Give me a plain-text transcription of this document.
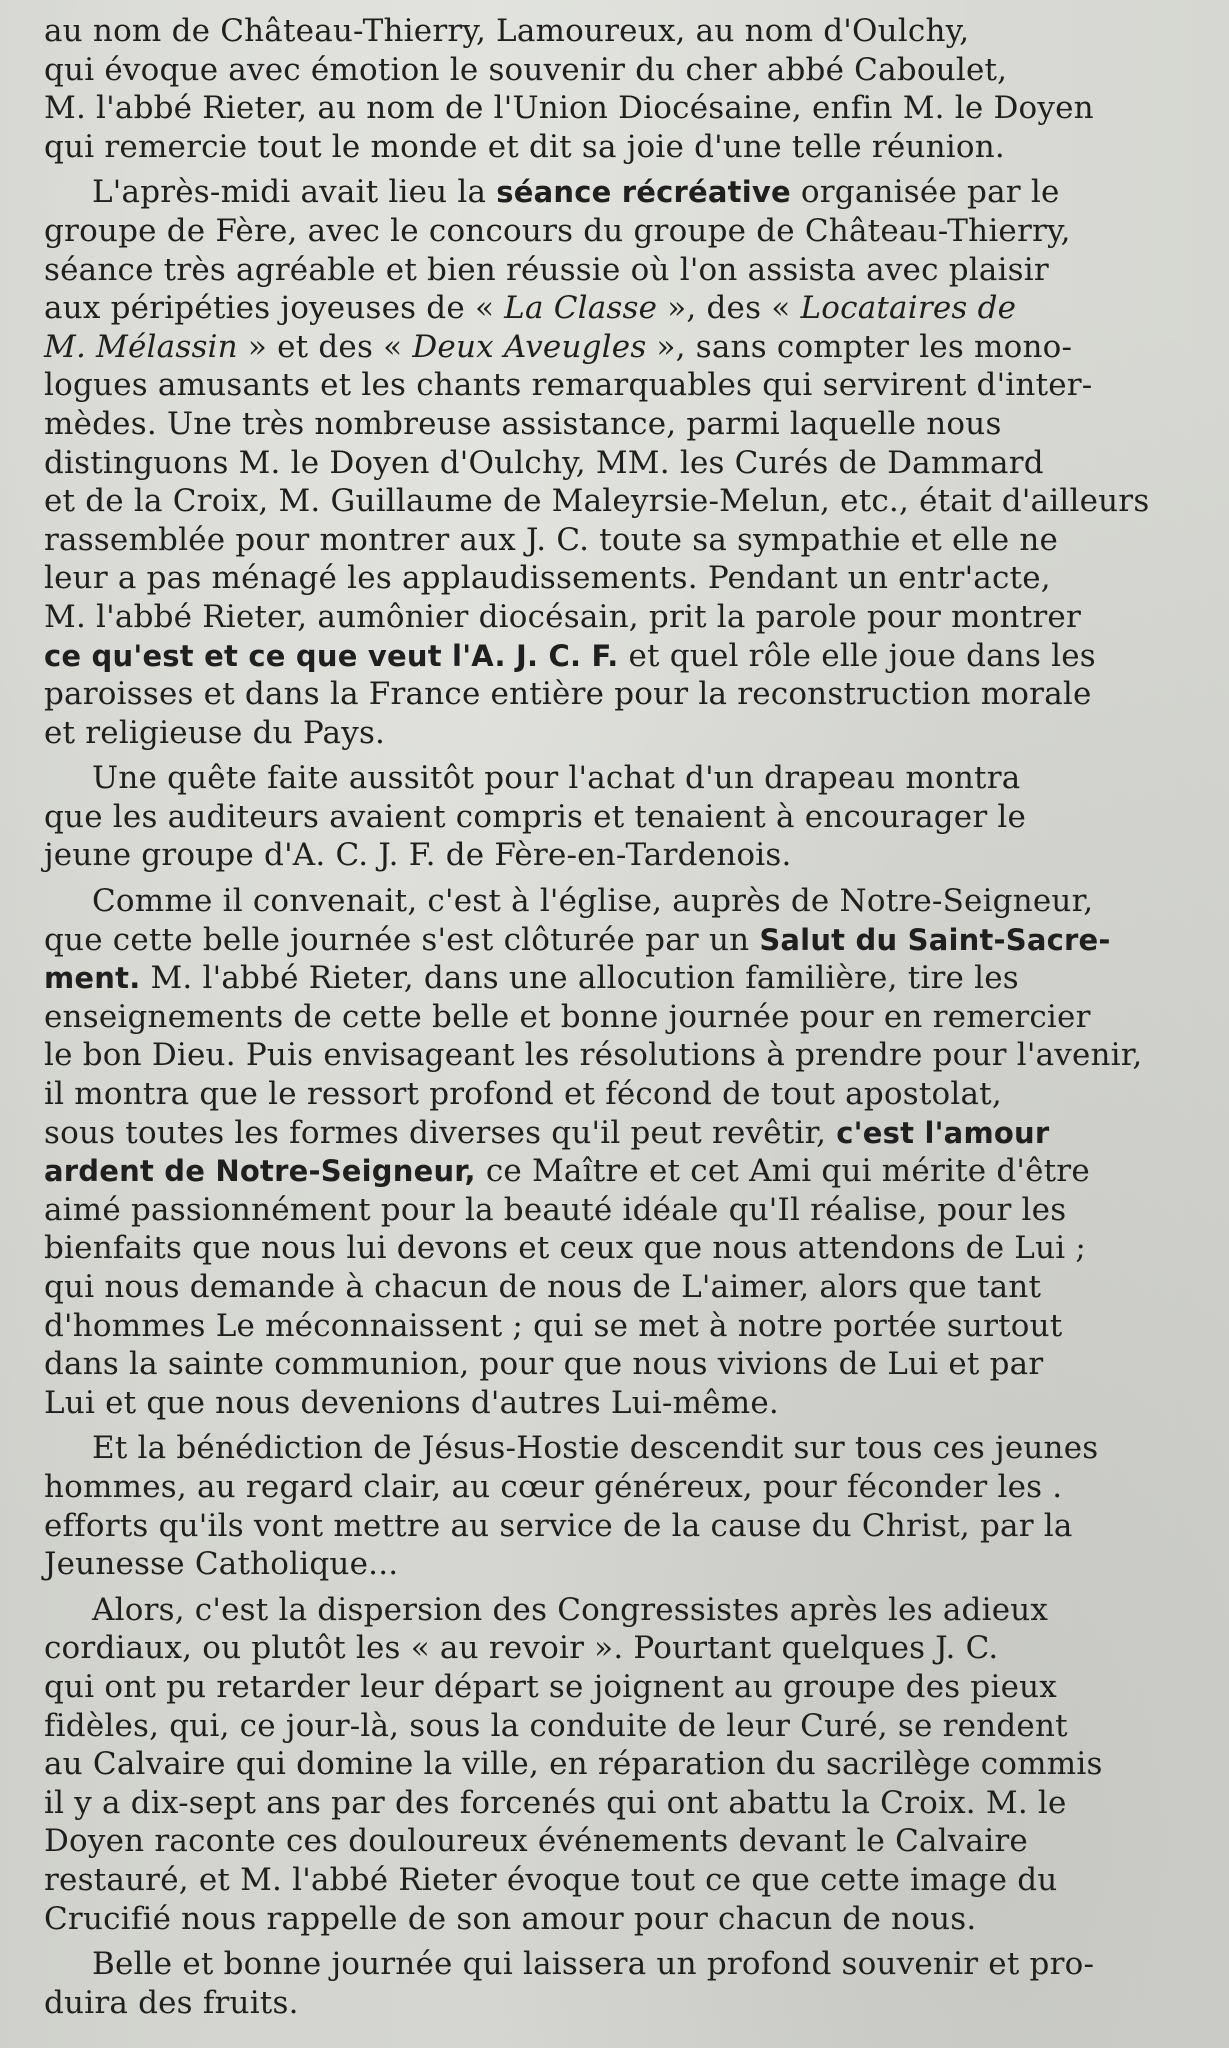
au nom de Château-Thierry, Lamoureux, au nom d'Oulchy,
qui évoque avec émotion le souvenir du cher abbé Caboulet,
M. l'abbé Rieter, au nom de l'Union Diocésaine, enfin M. le Doyen
qui remercie tout le monde et dit sa joie d'une telle réunion.

L'après-midi avait lieu la séance récréative organisée par le
groupe de Fère, avec le concours du groupe de Château-Thierry,
séance très agréable et bien réussie où l'on assista avec plaisir
aux péripéties joyeuses de « La Classe », des « Locataires de
M. Mélassin » et des « Deux Aveugles », sans compter les mono-
logues amusants et les chants remarquables qui servirent d'inter-
mèdes. Une très nombreuse assistance, parmi laquelle nous
distinguons M. le Doyen d'Oulchy, MM. les Curés de Dammard
et de la Croix, M. Guillaume de Maleyrsie-Melun, etc., était d'ailleurs
rassemblée pour montrer aux J. C. toute sa sympathie et elle ne
leur a pas ménagé les applaudissements. Pendant un entr'acte,
M. l'abbé Rieter, aumônier diocésain, prit la parole pour montrer
ce qu'est et ce que veut l'A. J. C. F. et quel rôle elle joue dans les
paroisses et dans la France entière pour la reconstruction morale
et religieuse du Pays.

Une quête faite aussitôt pour l'achat d'un drapeau montra
que les auditeurs avaient compris et tenaient à encourager le
jeune groupe d'A. C. J. F. de Fère-en-Tardenois.

Comme il convenait, c'est à l'église, auprès de Notre-Seigneur,
que cette belle journée s'est clôturée par un Salut du Saint-Sacre-
ment. M. l'abbé Rieter, dans une allocution familière, tire les
enseignements de cette belle et bonne journée pour en remercier
le bon Dieu. Puis envisageant les résolutions à prendre pour l'avenir,
il montra que le ressort profond et fécond de tout apostolat,
sous toutes les formes diverses qu'il peut revêtir, c'est l'amour
ardent de Notre-Seigneur, ce Maître et cet Ami qui mérite d'être
aimé passionnément pour la beauté idéale qu'Il réalise, pour les
bienfaits que nous lui devons et ceux que nous attendons de Lui ;
qui nous demande à chacun de nous de L'aimer, alors que tant
d'hommes Le méconnaissent ; qui se met à notre portée surtout
dans la sainte communion, pour que nous vivions de Lui et par
Lui et que nous devenions d'autres Lui-même.

Et la bénédiction de Jésus-Hostie descendit sur tous ces jeunes
hommes, au regard clair, au cœur généreux, pour féconder les .
efforts qu'ils vont mettre au service de la cause du Christ, par la
Jeunesse Catholique...

Alors, c'est la dispersion des Congressistes après les adieux
cordiaux, ou plutôt les « au revoir ». Pourtant quelques J. C.
qui ont pu retarder leur départ se joignent au groupe des pieux
fidèles, qui, ce jour-là, sous la conduite de leur Curé, se rendent
au Calvaire qui domine la ville, en réparation du sacrilège commis
il y a dix-sept ans par des forcenés qui ont abattu la Croix. M. le
Doyen raconte ces douloureux événements devant le Calvaire
restauré, et M. l'abbé Rieter évoque tout ce que cette image du
Crucifié nous rappelle de son amour pour chacun de nous.

Belle et bonne journée qui laissera un profond souvenir et pro-
duira des fruits.
